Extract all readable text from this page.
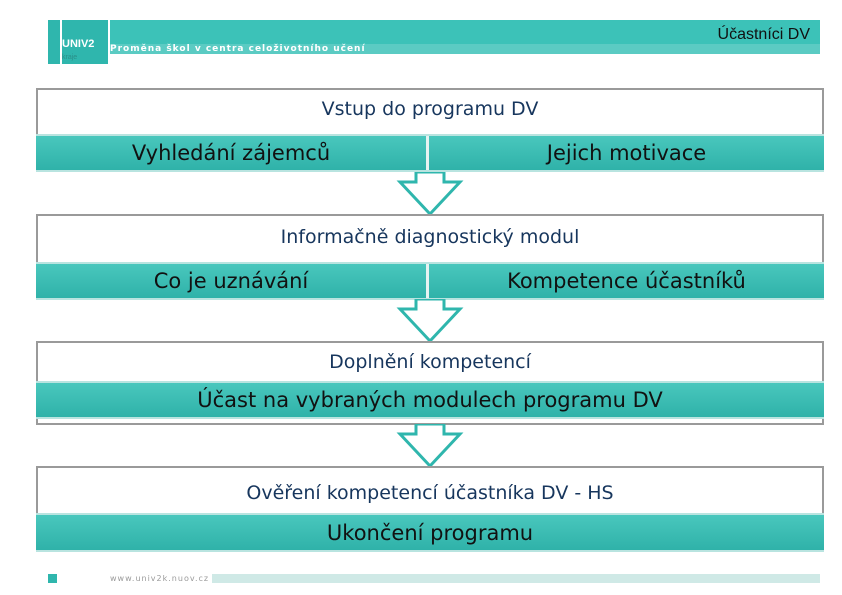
UNIV2
kraje
Proměna škol v centra celoživotního učení
Účastníci DV
Vstup do programu DV
Vyhledání zájemců	Jejich motivace
Informačně diagnostický modul
Co je uznávání	Kompetence účastníků
Doplnění kompetencí
Účast na vybraných modulech programu DV
Ověření kompetencí účastníka DV - HS
Ukončení programu
www.univ2k.nuov.cz
